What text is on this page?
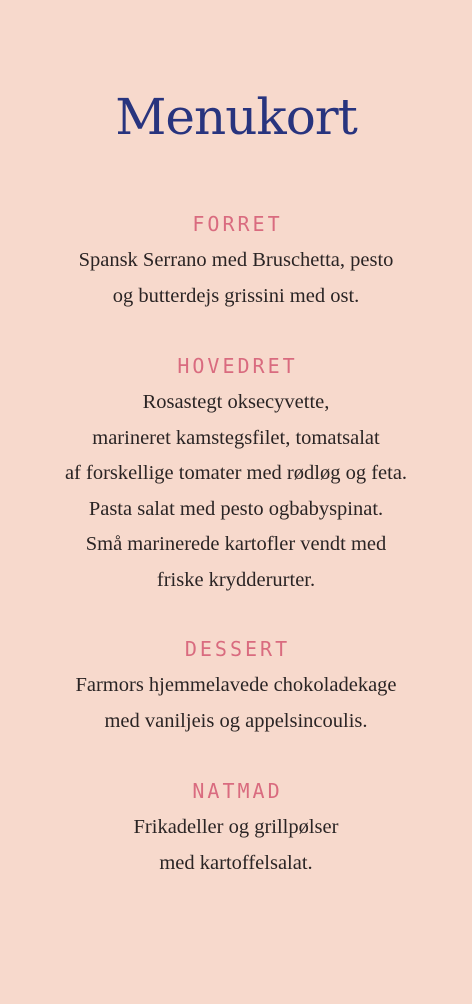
Menukort
FORRET
Spansk Serrano med Bruschetta, pesto
og butterdejs grissini med ost.
HOVEDRET
Rosastegt oksecyvette,
marineret kamstegsfilet, tomatsalat
af forskellige tomater med rødløg og feta.
Pasta salat med pesto ogbabyspinat.
Små marinerede kartofler vendt med
friske krydderurter.
DESSERT
Farmors hjemmelavede chokoladekage
med vaniljeis og appelsincoulis.
NATMAD
Frikadeller og grillpølser
med kartoffelsalat.
